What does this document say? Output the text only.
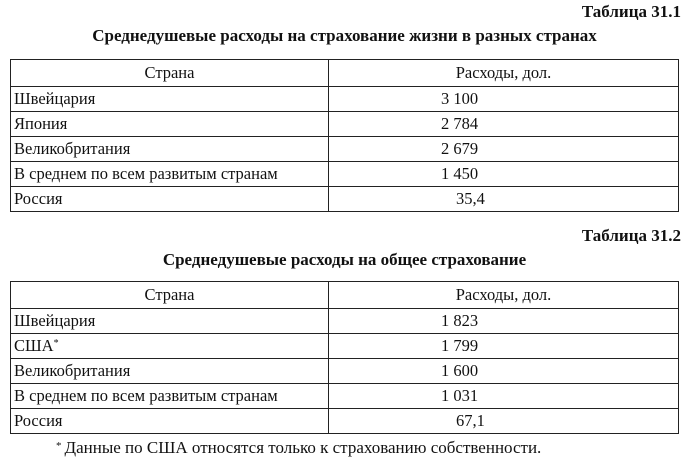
Таблица 31.1
Среднедушевые расходы на страхование жизни в разных странах
Страна	Расходы, дол.
Швейцария	3 100
Япония	2 784
Великобритания	2 679
В среднем по всем развитым странам	1 450
Россия	35,4
Таблица 31.2
Среднедушевые расходы на общее страхование
Страна	Расходы, дол.
Швейцария	1 823
США*	1 799
Великобритания	1 600
В среднем по всем развитым странам	1 031
Россия	67,1
* Данные по США относятся только к страхованию собственности.
